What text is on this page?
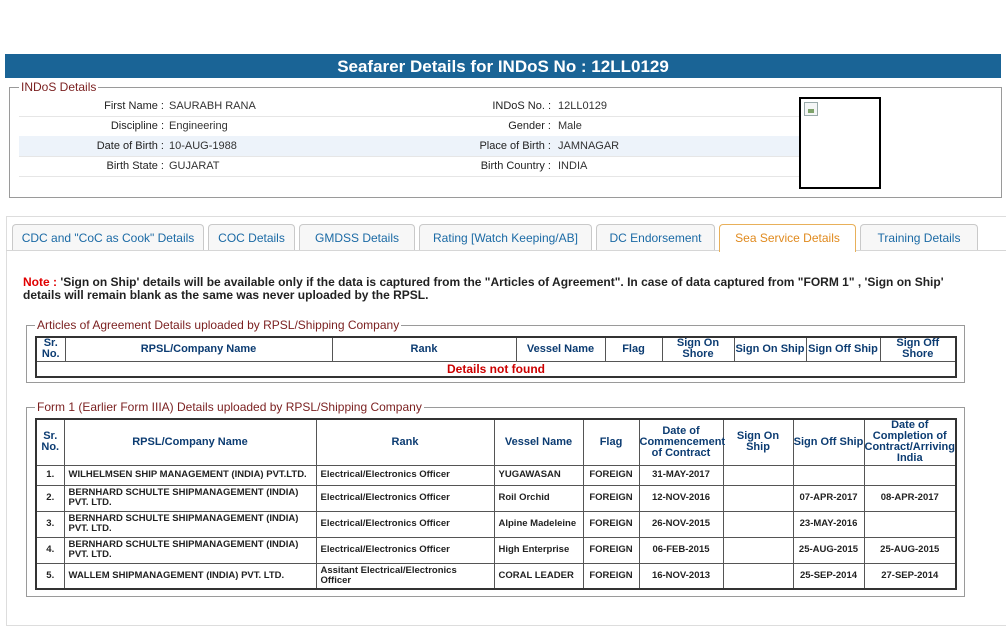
Seafarer Details for INDoS No : 12LL0129
INDoS Details
First Name : SAURABH RANA	INDoS No. : 12LL0129
Discipline : Engineering	Gender : Male
Date of Birth : 10-AUG-1988	Place of Birth : JAMNAGAR
Birth State : GUJARAT	Birth Country : INDIA
CDC and "CoC as Cook" Details	COC Details	GMDSS Details	Rating [Watch Keeping/AB]	DC Endorsement	Sea Service Details	Training Details
Note : 'Sign on Ship' details will be available only if the data is captured from the "Articles of Agreement". In case of data captured from "FORM 1" , 'Sign on Ship' details will remain blank as the same was never uploaded by the RPSL.
Articles of Agreement Details uploaded by RPSL/Shipping Company
Sr. No.	RPSL/Company Name	Rank	Vessel Name	Flag	Sign On Shore	Sign On Ship	Sign Off Ship	Sign Off Shore
Details not found
Form 1 (Earlier Form IIIA) Details uploaded by RPSL/Shipping Company
Sr. No.	RPSL/Company Name	Rank	Vessel Name	Flag	Date of Commencement of Contract	Sign On Ship	Sign Off Ship	Date of Completion of Contract/Arriving India
1.	WILHELMSEN SHIP MANAGEMENT (INDIA) PVT.LTD.	Electrical/Electronics Officer	YUGAWASAN	FOREIGN	31-MAY-2017			
2.	BERNHARD SCHULTE SHIPMANAGEMENT (INDIA) PVT. LTD.	Electrical/Electronics Officer	Roil Orchid	FOREIGN	12-NOV-2016		07-APR-2017	08-APR-2017
3.	BERNHARD SCHULTE SHIPMANAGEMENT (INDIA) PVT. LTD.	Electrical/Electronics Officer	Alpine Madeleine	FOREIGN	26-NOV-2015		23-MAY-2016	
4.	BERNHARD SCHULTE SHIPMANAGEMENT (INDIA) PVT. LTD.	Electrical/Electronics Officer	High Enterprise	FOREIGN	06-FEB-2015		25-AUG-2015	25-AUG-2015
5.	WALLEM SHIPMANAGEMENT (INDIA) PVT. LTD.	Assitant Electrical/Electronics Officer	CORAL LEADER	FOREIGN	16-NOV-2013		25-SEP-2014	27-SEP-2014
